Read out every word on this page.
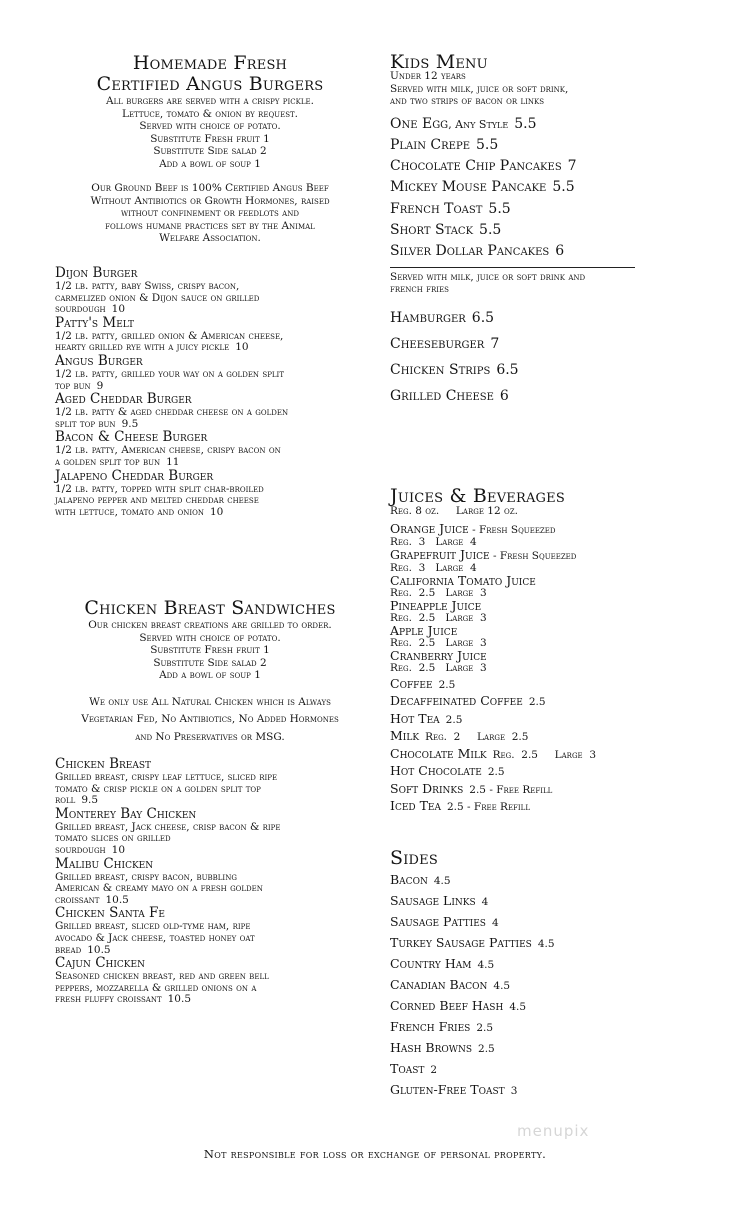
Homemade Fresh
Certified Angus Burgers
All burgers are served with a crispy pickle.
Lettuce, tomato & onion by request.
Served with choice of potato.
Substitute Fresh fruit 1
Substitute Side salad 2
Add a bowl of soup 1
Our Ground Beef is 100% Certified Angus Beef
Without Antibiotics or Growth Hormones, raised
without confinement or feedlots and
follows humane practices set by the Animal
Welfare Association.
Dijon Burger
1/2 lb. patty, baby Swiss, crispy bacon,
carmelized onion & Dijon sauce on grilled
sourdough 10
Patty's Melt
1/2 lb. patty, grilled onion & American cheese,
hearty grilled rye with a juicy pickle 10
Angus Burger
1/2 lb. patty, grilled your way on a golden split
top bun 9
Aged Cheddar Burger
1/2 lb. patty & aged cheddar cheese on a golden
split top bun 9.5
Bacon & Cheese Burger
1/2 lb. patty, American cheese, crispy bacon on
a golden split top bun 11
Jalapeno Cheddar Burger
1/2 lb. patty, topped with split char-broiled
jalapeno pepper and melted cheddar cheese
with lettuce, tomato and onion 10
Chicken Breast Sandwiches
Our chicken breast creations are grilled to order.
Served with choice of potato.
Substitute Fresh fruit 1
Substitute Side salad 2
Add a bowl of soup 1
We only use All Natural Chicken which is Always
Vegetarian Fed, No Antibiotics, No Added Hormones
and No Preservatives or MSG.
Chicken Breast
Grilled breast, crispy leaf lettuce, sliced ripe
tomato & crisp pickle on a golden split top
roll 9.5
Monterey Bay Chicken
Grilled breast, Jack cheese, crisp bacon & ripe
tomato slices on grilled
sourdough 10
Malibu Chicken
Grilled breast, crispy bacon, bubbling
American & creamy mayo on a fresh golden
croissant 10.5
Chicken Santa Fe
Grilled breast, sliced old-tyme ham, ripe
avocado & Jack cheese, toasted honey oat
bread 10.5
Cajun Chicken
Seasoned chicken breast, red and green bell
peppers, mozzarella & grilled onions on a
fresh fluffy croissant 10.5
Kids Menu
Under 12 years
Served with milk, juice or soft drink,
and two strips of bacon or links
One Egg, Any Style 5.5
Plain Crepe 5.5
Chocolate Chip Pancakes 7
Mickey Mouse Pancake 5.5
French Toast 5.5
Short Stack 5.5
Silver Dollar Pancakes 6
Served with milk, juice or soft drink and
french fries
Hamburger 6.5
Cheeseburger 7
Chicken Strips 6.5
Grilled Cheese 6
Juices & Beverages
Reg. 8 oz.     Large 12 oz.
Orange Juice - Fresh Squeezed
Reg.  3 Large  4
Grapefruit Juice - Fresh Squeezed
Reg.  3 Large  4
California Tomato Juice
Reg.  2.5 Large  3
Pineapple Juice
Reg.  2.5 Large  3
Apple Juice
Reg.  2.5 Large  3
Cranberry Juice
Reg.  2.5 Large  3
Coffee 2.5
Decaffeinated Coffee 2.5
Hot Tea 2.5
Milk Reg.  2     Large  2.5
Chocolate Milk Reg.  2.5     Large  3
Hot Chocolate 2.5
Soft Drinks 2.5 - Free Refill
Iced Tea 2.5 - Free Refill
Sides
Bacon 4.5
Sausage Links 4
Sausage Patties 4
Turkey Sausage Patties 4.5
Country Ham 4.5
Canadian Bacon 4.5
Corned Beef Hash 4.5
French Fries 2.5
Hash Browns 2.5
Toast 2
Gluten-Free Toast 3
menupix
Not responsible for loss or exchange of personal property.
